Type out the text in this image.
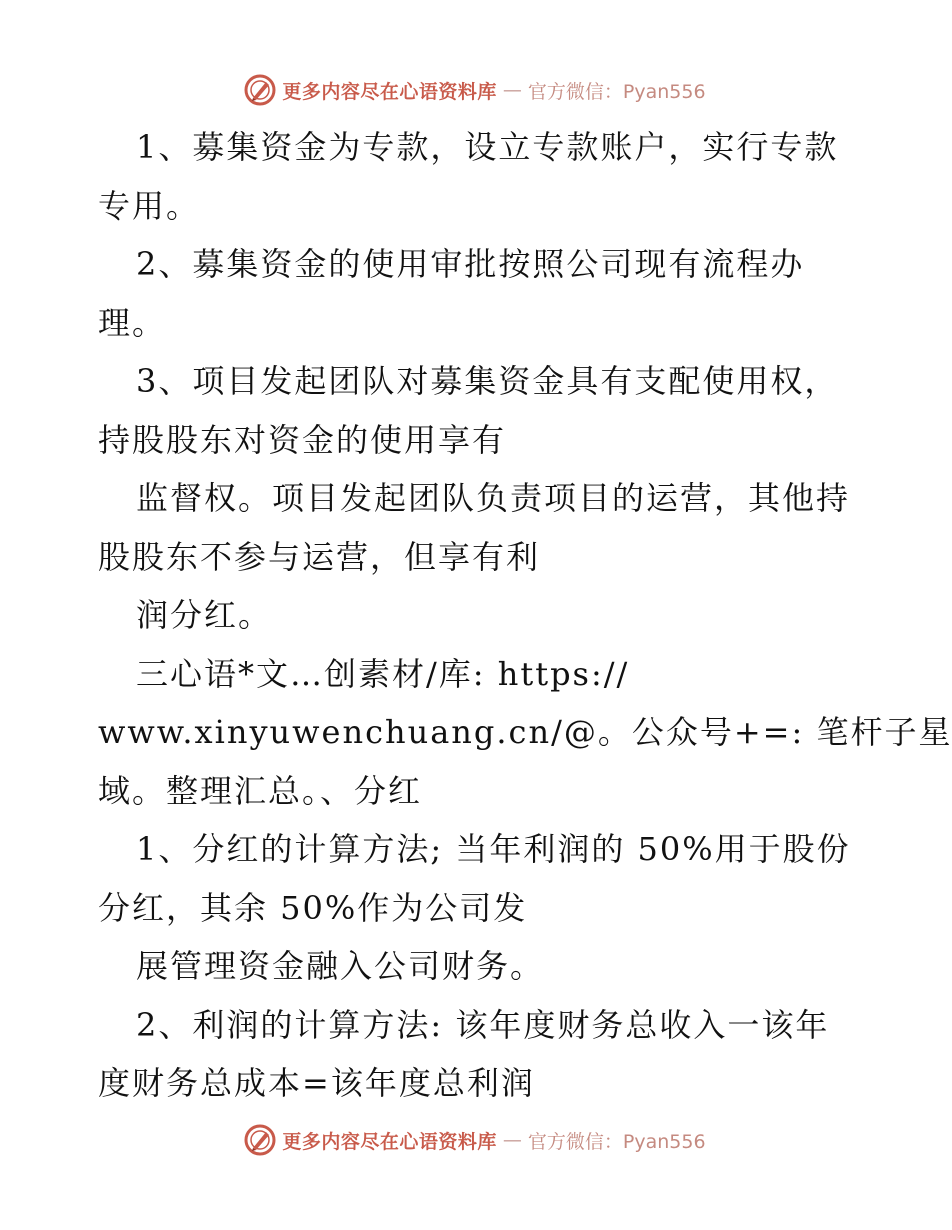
更多内容尽在心语资料库 — 官方微信：Pyan556
1、募集资金为专款，设立专款账户，实行专款
专用。
2、募集资金的使用审批按照公司现有流程办
理。
3、项目发起团队对募集资金具有支配使用权，
持股股东对资金的使用享有
监督权。项目发起团队负责项目的运营，其他持
股股东不参与运营，但享有利
润分红。
三心语*文…创素材/库: https://
www.xinyuwenchuang.cn/@。公众号+=: 笔杆子星
域。整理汇总。、分红
1、分红的计算方法; 当年利润的 50%用于股份
分红，其余 50%作为公司发
展管理资金融入公司财务。
2、利润的计算方法: 该年度财务总收入一该年
度财务总成本=该年度总利润
更多内容尽在心语资料库 — 官方微信：Pyan556
